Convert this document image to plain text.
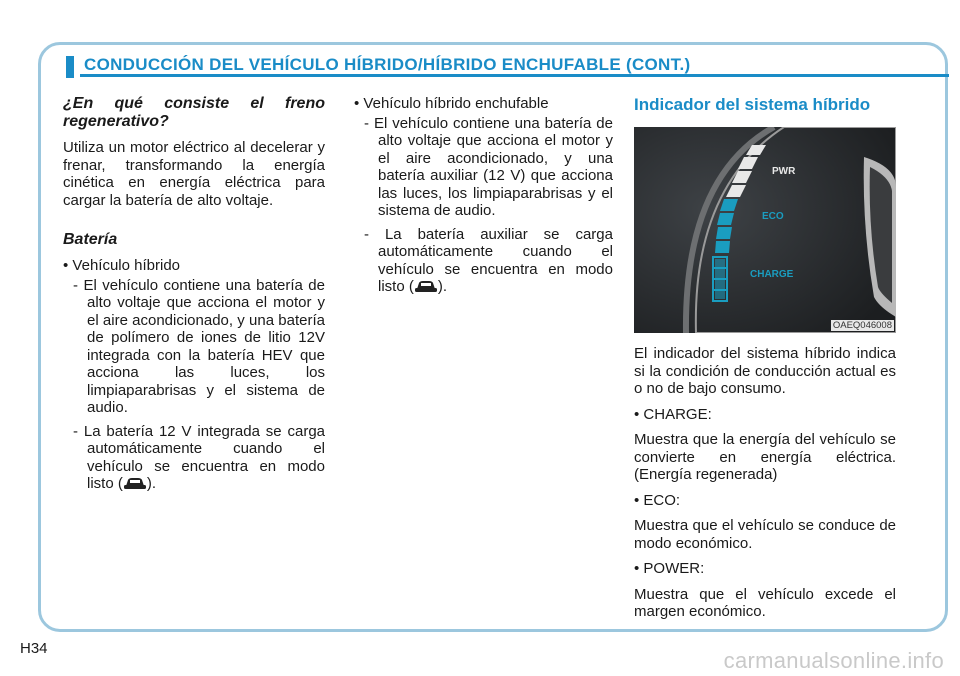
CONDUCCIÓN DEL VEHÍCULO HÍBRIDO/HÍBRIDO ENCHUFABLE (CONT.)
¿En qué consiste el freno regenerativo?

Utiliza un motor eléctrico al decelerar y frenar, transformando la energía cinética en energía eléctrica para cargar la batería de alto voltaje.

Batería
• Vehículo híbrido
- El vehículo contiene una batería de alto voltaje que acciona el motor y el aire acondicionado, y una batería de polímero de iones de litio 12V integrada con la batería HEV que acciona las luces, los limpiaparabrisas y el sistema de audio.
- La batería 12 V integrada se carga automáticamente cuando el vehículo se encuentra en modo listo ( ).
• Vehículo híbrido enchufable
- El vehículo contiene una batería de alto voltaje que acciona el motor y el aire acondicionado, y una batería auxiliar (12 V) que acciona las luces, los limpiaparabrisas y el sistema de audio.
- La batería auxiliar se carga automáticamente cuando el vehículo se encuentra en modo listo ( ).
Indicador del sistema híbrido
PWR
ECO
CHARGE
OAEQ046008

El indicador del sistema híbrido indica si la condición de conducción actual es o no de bajo consumo.

• CHARGE:

Muestra que la energía del vehículo se convierte en energía eléctrica. (Energía regenerada)

• ECO:

Muestra que el vehículo se conduce de modo económico.

• POWER:

Muestra que el vehículo excede el margen económico.

H34	carmanualsonline.info
